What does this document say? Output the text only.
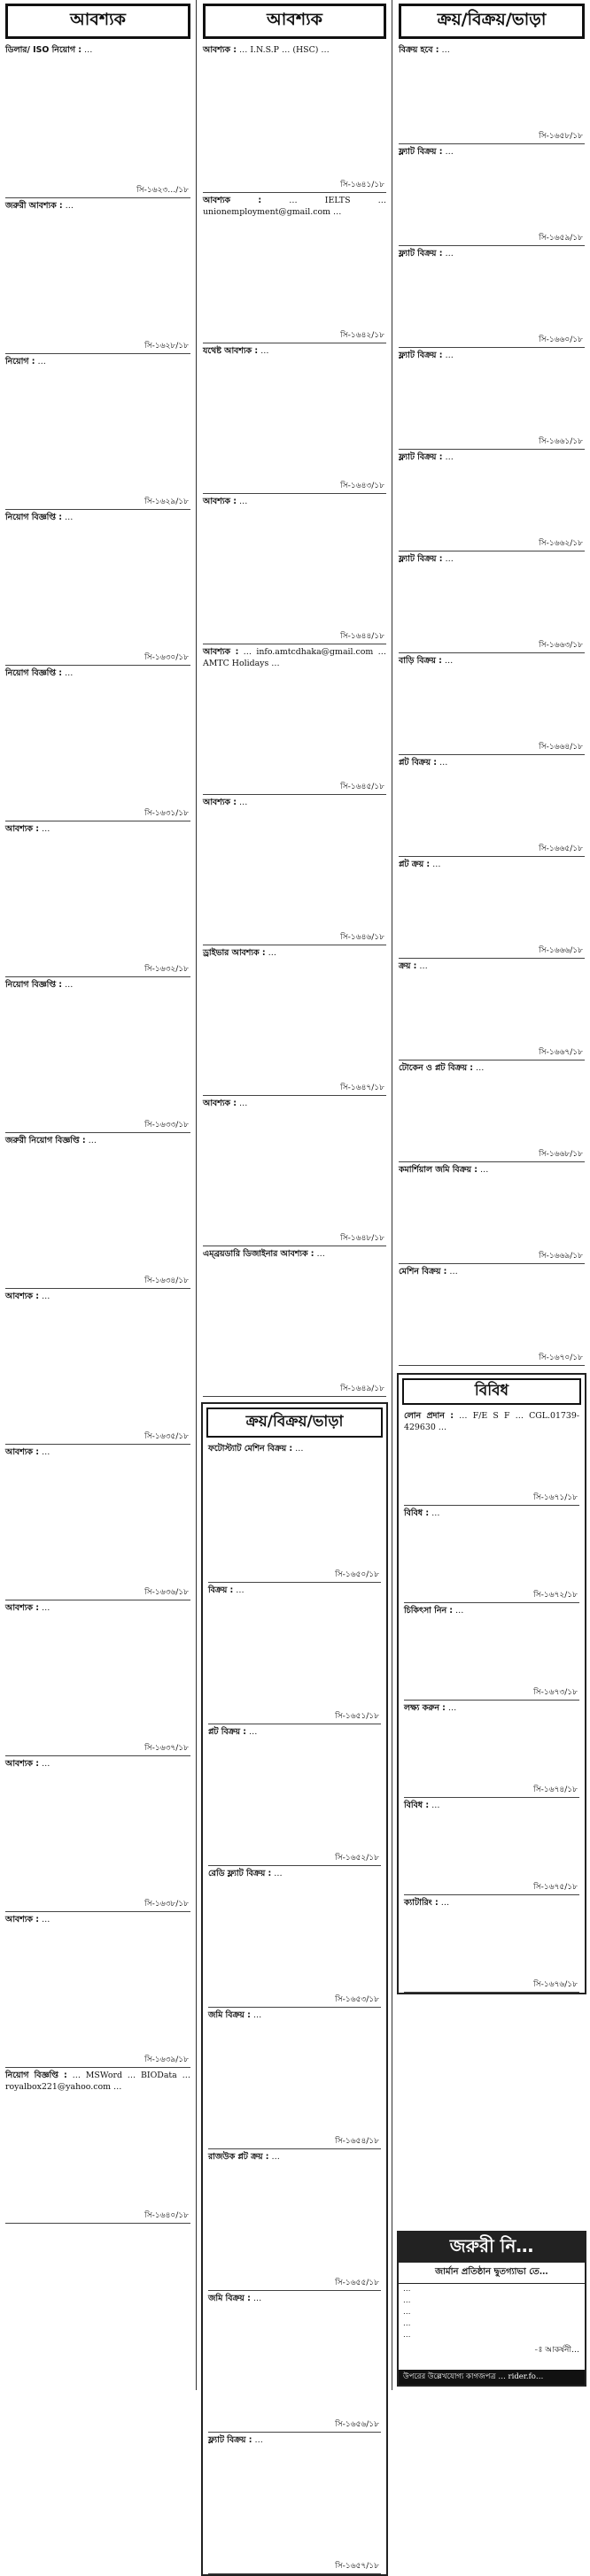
আবশ্যক
ডিলার/ ISO নিয়োগ : …
সি-১৬২৩…/১৮
জরুরী আবশ্যক : …
সি-১৬২৮/১৮
নিয়োগ : …
সি-১৬২৯/১৮
নিয়োগ বিজ্ঞপ্তি : …
সি-১৬৩০/১৮
নিয়োগ বিজ্ঞপ্তি : …
সি-১৬৩১/১৮
আবশ্যক : …
সি-১৬৩২/১৮
নিয়োগ বিজ্ঞপ্তি : …
সি-১৬৩৩/১৮
জরুরী নিয়োগ বিজ্ঞপ্তি : …
সি-১৬৩৪/১৮
আবশ্যক : …
সি-১৬৩৫/১৮
আবশ্যক : …
সি-১৬৩৬/১৮
আবশ্যক : …
সি-১৬৩৭/১৮
আবশ্যক : …
সি-১৬৩৮/১৮
আবশ্যক : …
সি-১৬৩৯/১৮
নিয়োগ বিজ্ঞপ্তি : … MSWord … BIOData … royalbox221@yahoo.com …
সি-১৬৪০/১৮
আবশ্যক
আবশ্যক : … I.N.S.P … (HSC) …
সি-১৬৪১/১৮
আবশ্যক :	… IELTS … unionemployment@gmail.com …
সি-১৬৪২/১৮
যথেষ্ট আবশ্যক : …
সি-১৬৪৩/১৮
আবশ্যক : …
সি-১৬৪৪/১৮
আবশ্যক : … info.amtcdhaka@gmail.com … AMTC Holidays …
সি-১৬৪৫/১৮
আবশ্যক : …
সি-১৬৪৬/১৮
ড্রাইভার আবশ্যক : …
সি-১৬৪৭/১৮
আবশ্যক : …
সি-১৬৪৮/১৮
এম্‌ব্রয়ডারি ডিজাইনার আবশ্যক : …
সি-১৬৪৯/১৮
ক্রয়/বিক্রয়/ভাড়া
ফটোস্ট্যাট মেশিন বিক্রয় : …
সি-১৬৫০/১৮
বিক্রয় : …
সি-১৬৫১/১৮
প্লট বিক্রয় : …
সি-১৬৫২/১৮
রেডি ফ্ল্যাট বিক্রয় : …
সি-১৬৫৩/১৮
জমি বিক্রয় : …
সি-১৬৫৪/১৮
রাজউক প্লট ক্রয় : …
সি-১৬৫৫/১৮
জমি বিক্রয় : …
সি-১৬৫৬/১৮
ফ্ল্যাট বিক্রয় : …
সি-১৬৫৭/১৮
ক্রয়/বিক্রয়/ভাড়া
বিক্রয় হবে : …
সি-১৬৫৮/১৮
ফ্ল্যাট বিক্রয় : …
সি-১৬৫৯/১৮
ফ্ল্যাট বিক্রয় : …
সি-১৬৬০/১৮
ফ্ল্যাট বিক্রয় : …
সি-১৬৬১/১৮
ফ্ল্যাট বিক্রয় : …
সি-১৬৬২/১৮
ফ্ল্যাট বিক্রয় : …
সি-১৬৬৩/১৮
বাড়ি বিক্রয় : …
সি-১৬৬৪/১৮
প্লট বিক্রয় : …
সি-১৬৬৫/১৮
প্লট ক্রয় : …
সি-১৬৬৬/১৮
ক্রয় : …
সি-১৬৬৭/১৮
টোকেন ও প্লট বিক্রয় : …
সি-১৬৬৮/১৮
কমার্শিয়াল জমি বিক্রয় : …
সি-১৬৬৯/১৮
মেশিন বিক্রয় : …
সি-১৬৭০/১৮
বিবিধ
লোন প্রদান : … F/E S F … CGL.01739-429630 …
সি-১৬৭১/১৮
বিবিধ : …
সি-১৬৭২/১৮
চিকিৎসা নিন : …
সি-১৬৭৩/১৮
লক্ষ্য করুন : …
সি-১৬৭৪/১৮
বিবিধ : …
সি-১৬৭৫/১৮
ক্যাটারিং : …
সি-১৬৭৬/১৮
জরুরী নি…
জার্মান প্রতিষ্ঠান দ্বুতগ্যাভা তে…
…
…
…
…
…
-ঃ আকর্ষনী…
উপরের উল্লেখযোগ্য কাগজপত্র … rider.fo…
